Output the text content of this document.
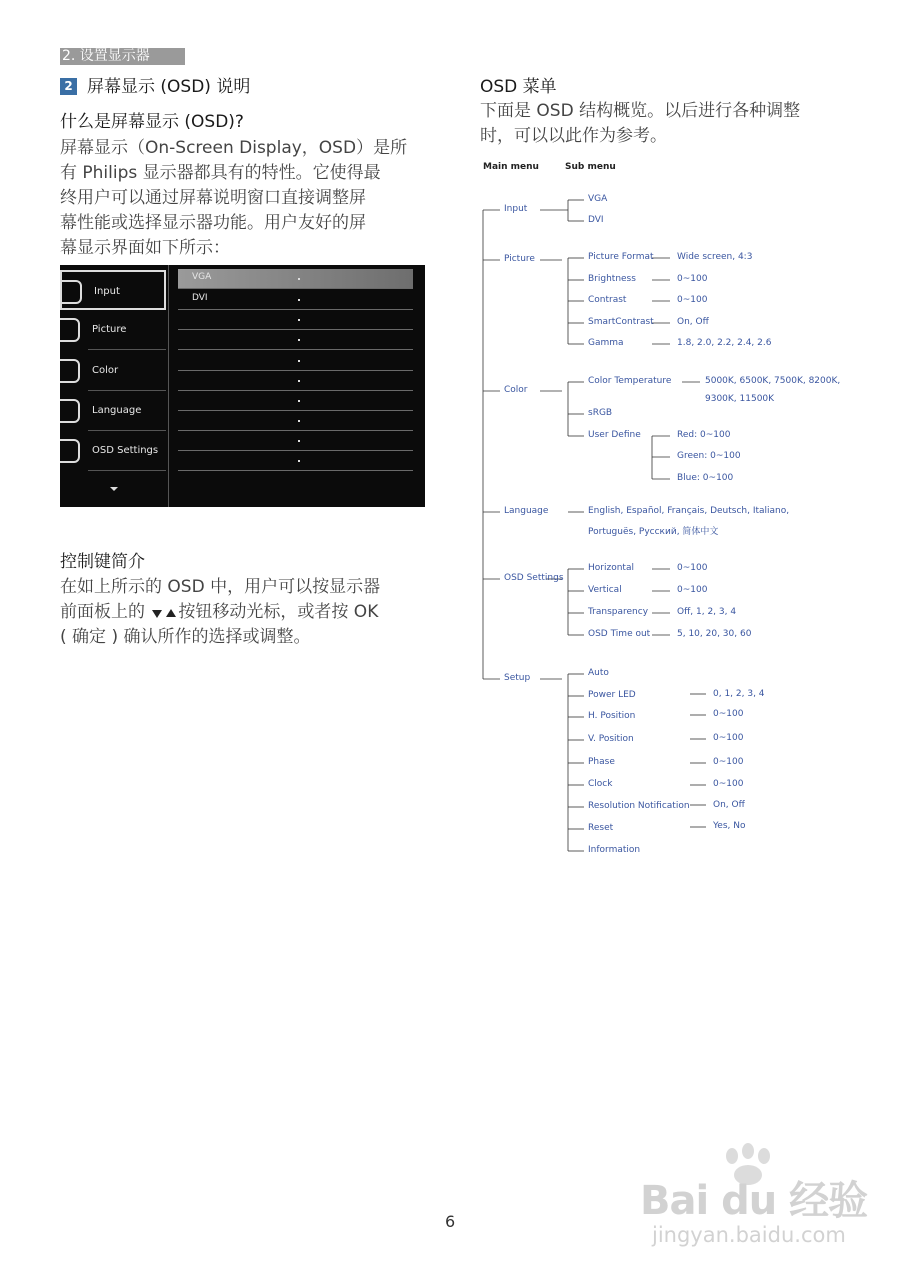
2. 设置显示器
2 屏幕显示 (OSD) 说明
什么是屏幕显示 (OSD)?
屏幕显示（On-Screen Display，OSD）是所
有 Philips 显示器都具有的特性。它使得最
终用户可以通过屏幕说明窗口直接调整屏
幕性能或选择显示器功能。用户友好的屏
幕显示界面如下所示：
Input
Picture
Color
Language
OSD Settings
VGA
DVI
控制键简介
在如上所示的 OSD 中，用户可以按显示器
前面板上的 按钮移动光标，或者按 OK
( 确定 ) 确认所作的选择或调整。
OSD 菜单
下面是 OSD 结构概览。以后进行各种调整
时，可以以此作为参考。
Main menu	Sub menu
Input
Picture
Color
Language
OSD Settings
Setup
VGA
DVI
Picture Format
Brightness
Contrast
SmartContrast
Gamma
Wide screen, 4:3
0~100
0~100
On, Off
1.8, 2.0, 2.2, 2.4, 2.6
Color Temperature
sRGB
User Define
5000K, 6500K, 7500K, 8200K,
9300K, 11500K
Red: 0~100
Green: 0~100
Blue: 0~100
English, Español, Français, Deutsch, Italiano,
Portuguës, Русский, 简体中文
Horizontal
Vertical
Transparency
OSD Time out
0~100
0~100
Off, 1, 2, 3, 4
5, 10, 20, 30, 60
Auto
Power LED
H. Position
V. Position
Phase
Clock
Resolution Notification
Reset
Information
0, 1, 2, 3, 4
0~100
0~100
0~100
0~100
On, Off
Yes, No
6	Bai du 经验
jingyan.baidu.com
